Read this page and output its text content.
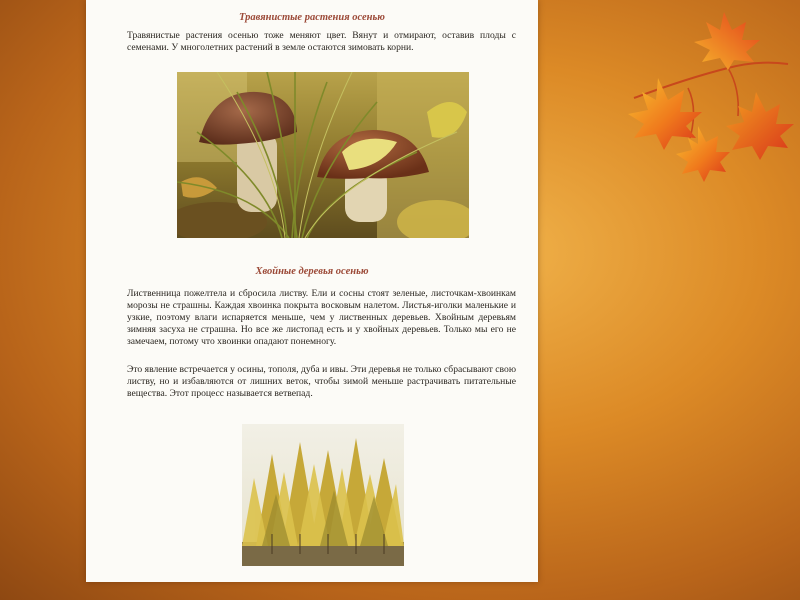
Травянистые растения осенью

Травянистые растения осенью тоже меняют цвет. Вянут и отмирают, оставив плоды с семенами. У многолетних растений в земле остаются зимовать корни.

Хвойные деревья осенью

Лиственница пожелтела и сбросила листву. Ели и сосны стоят зеленые, листочкам-хвоинкам морозы не страшны. Каждая хвоинка покрыта восковым налетом. Листья-иголки маленькие и узкие, поэтому влаги испаряется меньше, чем у лиственных деревьев. Хвойным деревьям зимняя засуха не страшна. Но все же листопад есть и у хвойных деревьев. Только мы его не замечаем, потому что хвоинки опадают понемногу.

Это явление встречается у осины, тополя, дуба и ивы. Эти деревья не только сбрасывают свою листву, но и избавляются от лишних веток, чтобы зимой меньше растрачивать питательные вещества. Этот процесс называется ветвепад.
